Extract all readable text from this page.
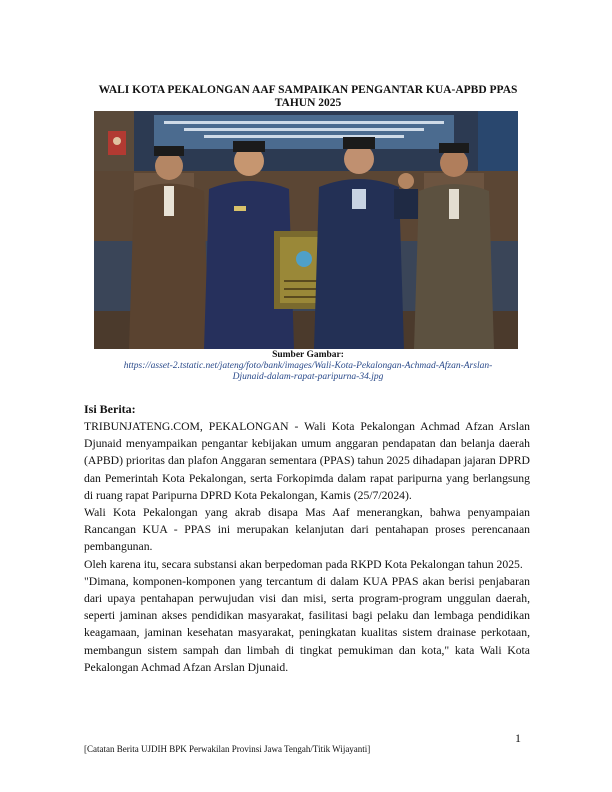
WALI KOTA PEKALONGAN AAF SAMPAIKAN PENGANTAR KUA-APBD PPAS TAHUN 2025
Sumber Gambar:
https://asset-2.tstatic.net/jateng/foto/bank/images/Wali-Kota-Pekalongan-Achmad-Afzan-Arslan-Djunaid-dalam-rapat-paripurna-34.jpg
Isi Berita:

TRIBUNJATENG.COM, PEKALONGAN - Wali Kota Pekalongan Achmad Afzan Arslan Djunaid menyampaikan pengantar kebijakan umum anggaran pendapatan dan belanja daerah (APBD) prioritas dan plafon Anggaran sementara (PPAS) tahun 2025 dihadapan jajaran DPRD dan Pemerintah Kota Pekalongan, serta Forkopimda dalam rapat paripurna yang berlangsung di ruang rapat Paripurna DPRD Kota Pekalongan, Kamis (25/7/2024).

Wali Kota Pekalongan yang akrab disapa Mas Aaf menerangkan, bahwa penyampaian Rancangan KUA - PPAS ini merupakan kelanjutan dari pentahapan proses perencanaan pembangunan.

Oleh karena itu, secara substansi akan berpedoman pada RKPD Kota Pekalongan tahun 2025.

"Dimana, komponen-komponen yang tercantum di dalam KUA PPAS akan berisi penjabaran dari upaya pentahapan perwujudan visi dan misi, serta program-program unggulan daerah, seperti jaminan akses pendidikan masyarakat, fasilitasi bagi pelaku dan lembaga pendidikan keagamaan, jaminan kesehatan masyarakat, peningkatan kualitas sistem drainase perkotaan, membangun sistem sampah dan limbah di tingkat pemukiman dan kota," kata Wali Kota Pekalongan Achmad Afzan Arslan Djunaid.

1
[Catatan Berita UJDIH BPK Perwakilan Provinsi Jawa Tengah/Titik Wijayanti]
